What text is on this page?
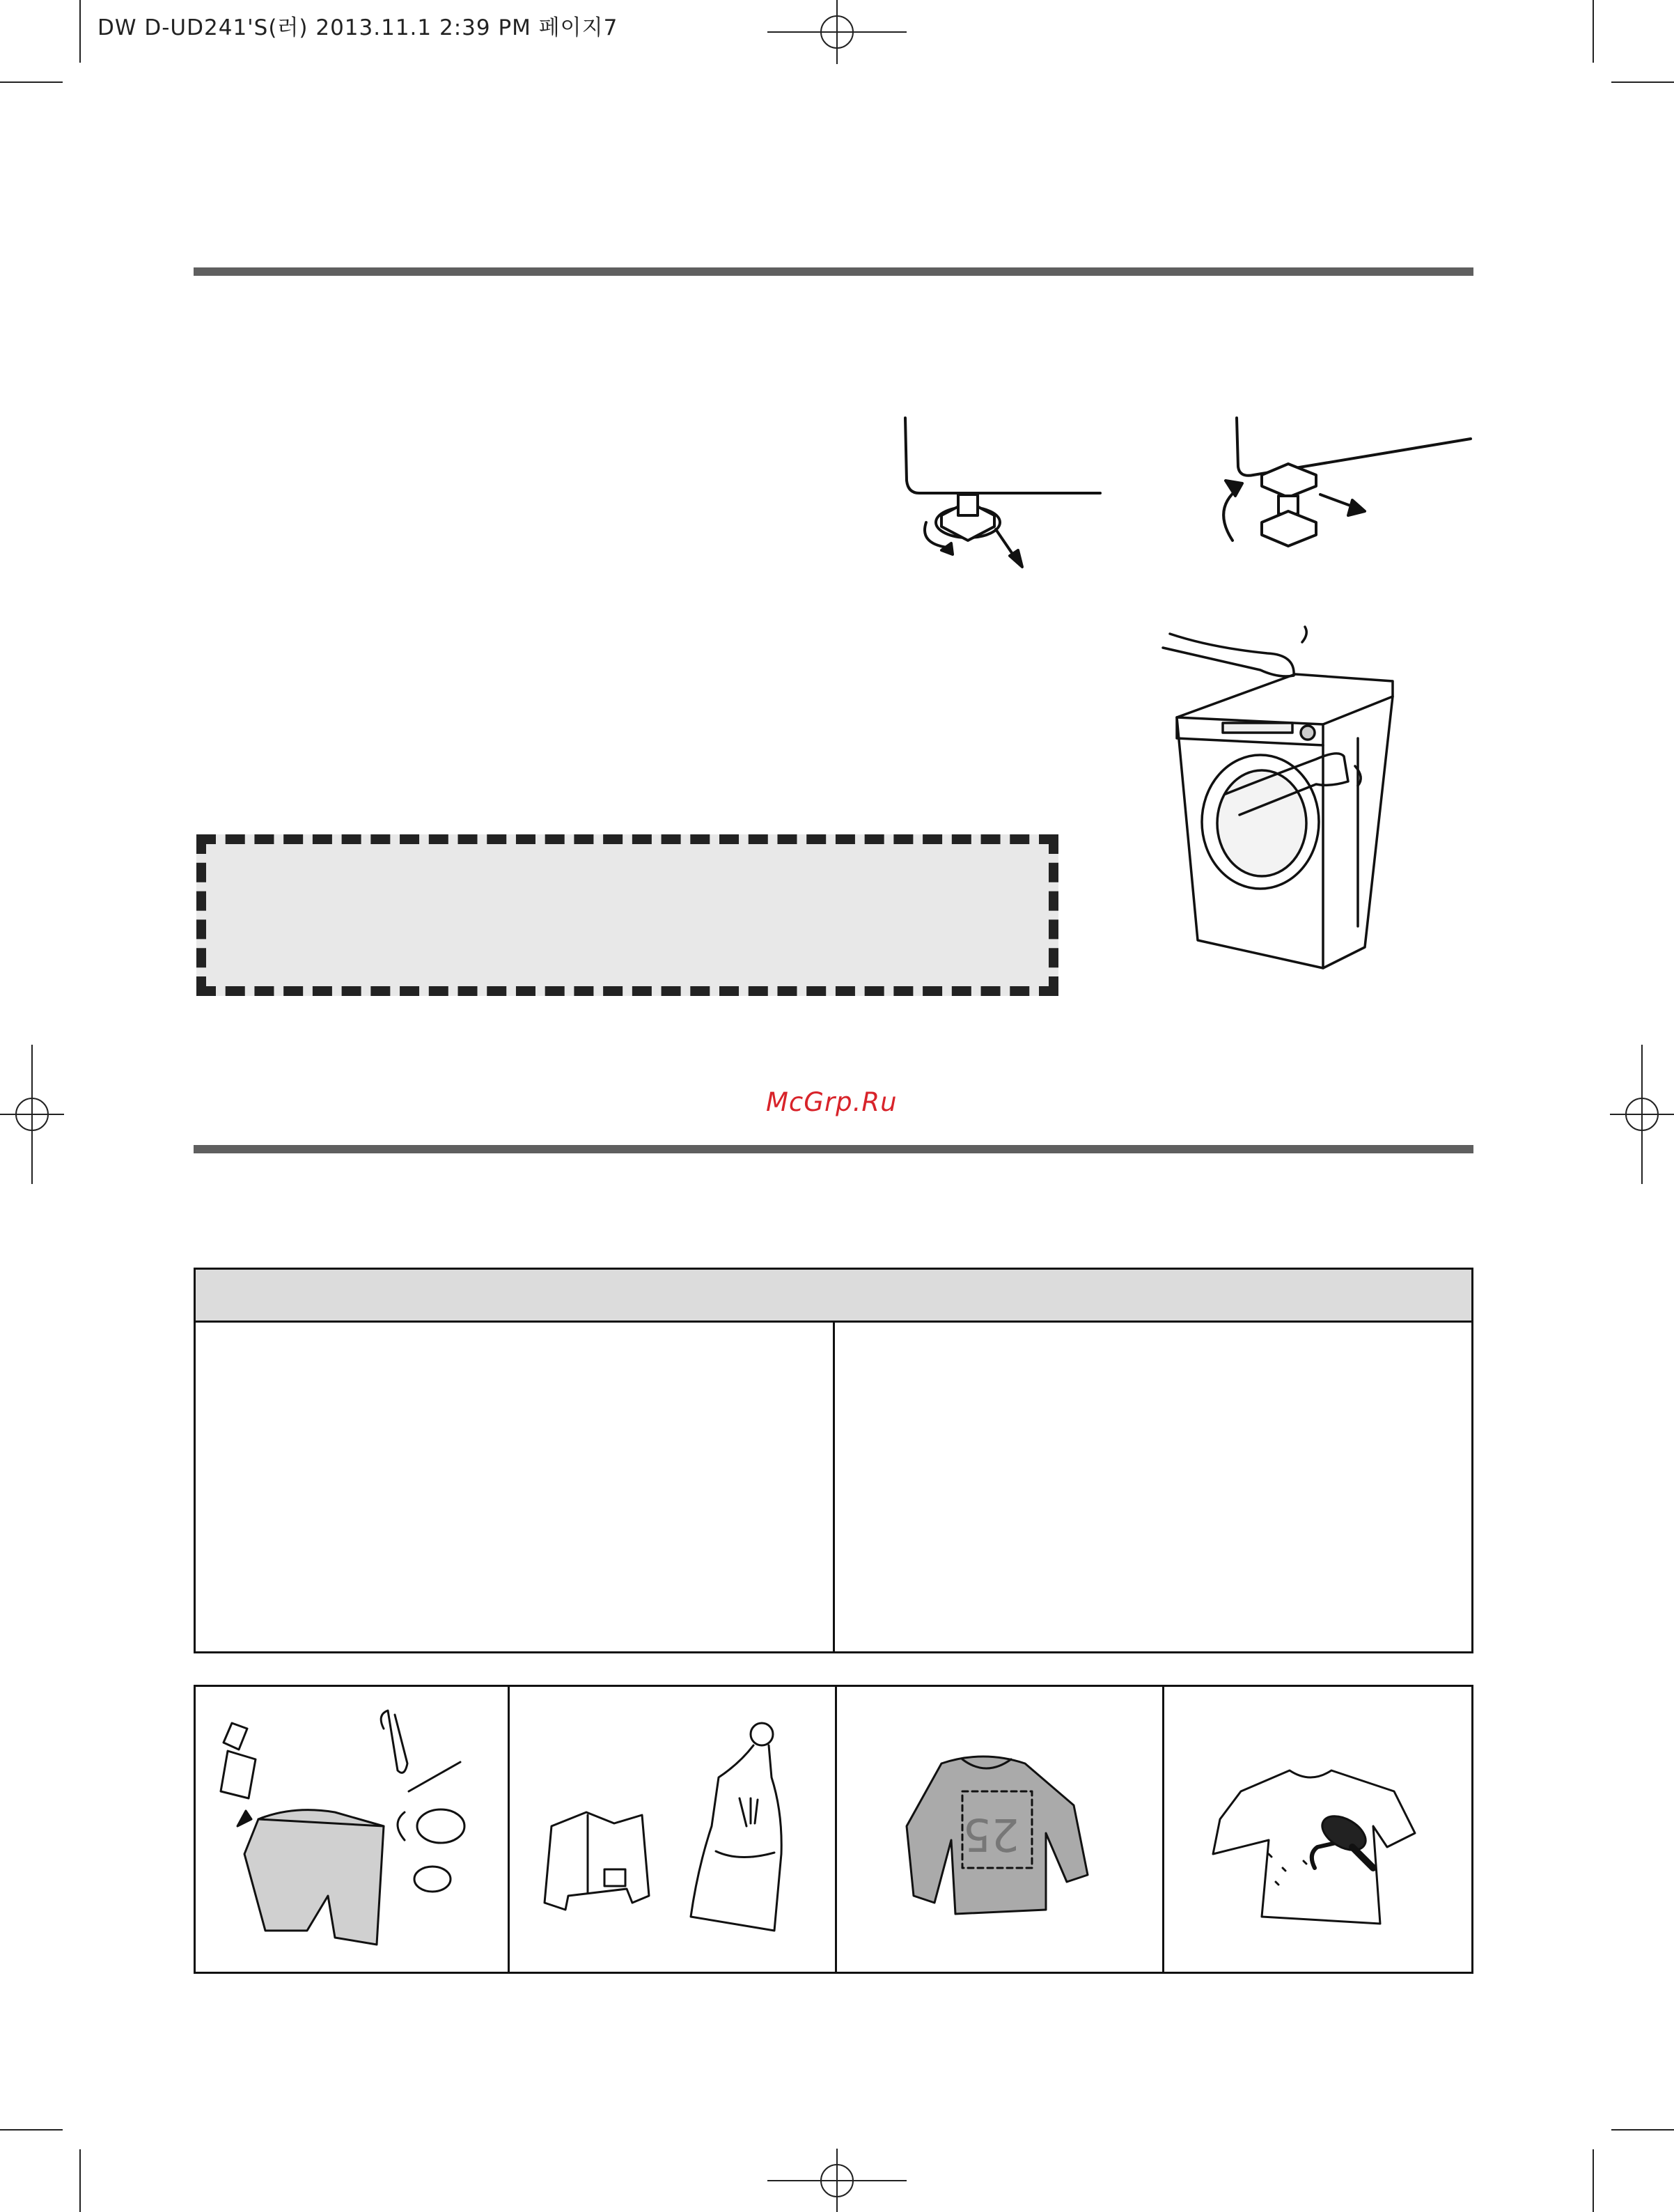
DW D-UD241'S(러) 2013.11.1 2:39 PM 페이지7
McGrp.Ru
25
